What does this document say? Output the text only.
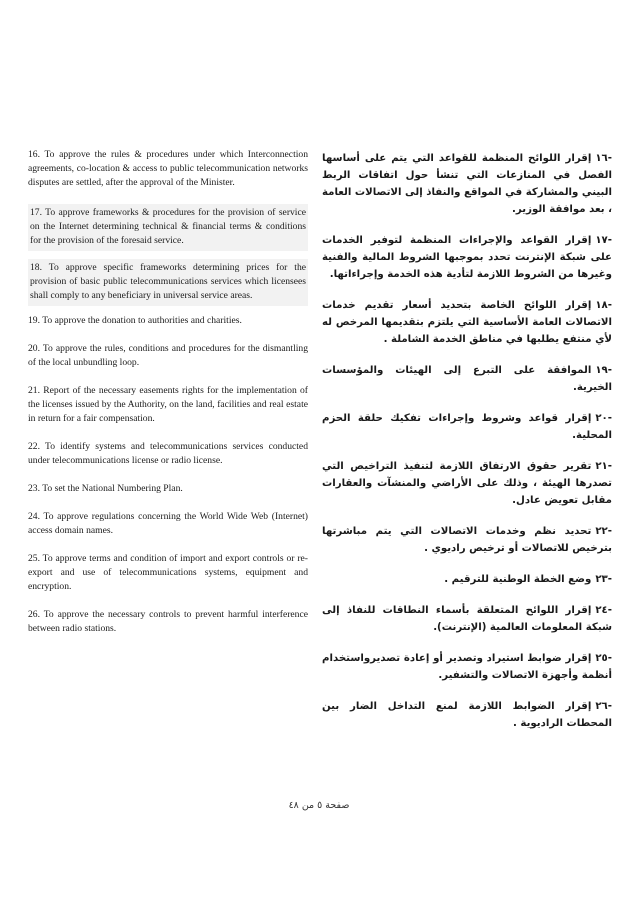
16. To approve the rules & procedures under which Interconnection agreements, co-location & access to public telecommunication networks disputes are settled, after the approval of the Minister.

17. To approve frameworks & procedures for the provision of service on the Internet determining technical & financial terms & conditions for the provision of the foresaid service.

18. To approve specific frameworks determining prices for the provision of basic public telecommunications services which licensees shall comply to any beneficiary in universal service areas.

19. To approve the donation to authorities and charities.

20. To approve the rules, conditions and procedures for the dismantling of the local unbundling loop.

21. Report of the necessary easements rights for the implementation of the licenses issued by the Authority, on the land, facilities and real estate in return for a fair compensation.

22. To identify systems and telecommunications services conducted under telecommunications license or radio license.

23. To set the National Numbering Plan.

24. To approve regulations concerning the World Wide Web (Internet) access domain names.

25. To approve terms and condition of import and export controls or re-export and use of telecommunications systems, equipment and encryption.

26. To approve the necessary controls to prevent harmful interference between radio stations.

-١٦إقرار اللوائح المنظمة للقواعد التي يتم على أساسها الفصل في المنازعات التي تنشأ حول اتفاقات الربط البيني والمشاركة في المواقع والنفاذ إلى الاتصالات العامة ، بعد موافقة الوزير.

-١٧إقرار القواعد والإجراءات المنظمة لتوفير الخدمات على شبكة الإنترنت تحدد بموجبها الشروط المالية والفنية وغيرها من الشروط اللازمة لتأدية هذه الخدمة وإجراءاتها.

-١٨إقرار اللوائح الخاصة بتحديد أسعار تقديم خدمات الاتصالات العامة الأساسية التي يلتزم بتقديمها المرخص له لأي منتفع يطلبها في مناطق الخدمة الشاملة .

-١٩الموافقة على التبرع إلى الهيئات والمؤسسات الخيرية.

-٢٠إقرار قواعد وشروط وإجراءات تفكيك حلقة الحزم المحلية.

-٢١تقرير حقوق الارتفاق اللازمة لتنفيذ التراخيص التي تصدرها الهيئة ، وذلك على الأراضي والمنشآت والعقارات مقابل تعويض عادل.

-٢٢تحديد نظم وخدمات الاتصالات التي يتم مباشرتها بترخيص للاتصالات أو ترخيص راديوي .

-٢٣وضع الخطة الوطنية للترقيم .

-٢٤إقرار اللوائح المتعلقة بأسماء النطاقات للنفاذ إلى شبكة المعلومات العالمية (الإنترنت).

-٢٥إقرار ضوابط استيراد وتصدير أو إعادة تصديرواستخدام أنظمة وأجهزة الاتصالات والتشفير.

-٢٦إقرار الضوابط اللازمة لمنع التداخل الضار بين المحطات الراديوية .

صفحة ٥ من ٤٨
